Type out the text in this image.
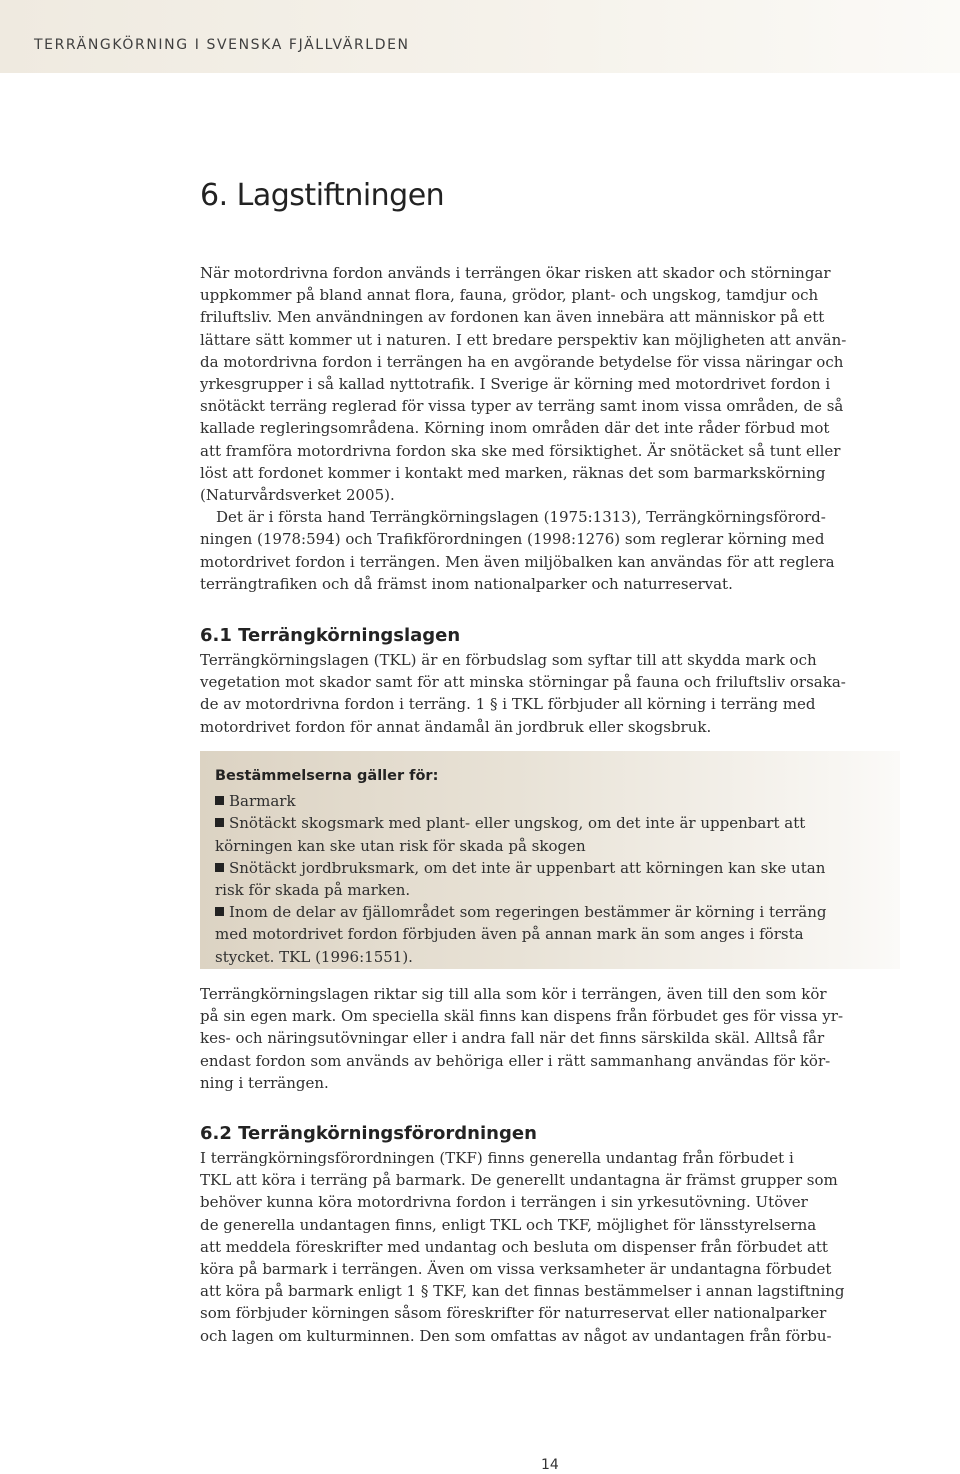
TERRÄNGKÖRNING I SVENSKA FJÄLLVÄRLDEN
6. Lagstiftningen
När motordrivna fordon används i terrängen ökar risken att skador och störningar
uppkommer på bland annat flora, fauna, grödor, plant- och ungskog, tamdjur och
friluftsliv. Men användningen av fordonen kan även innebära att människor på ett
lättare sätt kommer ut i naturen. I ett bredare perspektiv kan möjligheten att använ-
da motordrivna fordon i terrängen ha en avgörande betydelse för vissa näringar och
yrkesgrupper i så kallad nyttotrafik. I Sverige är körning med motordrivet fordon i
snötäckt terräng reglerad för vissa typer av terräng samt inom vissa områden, de så
kallade regleringsområdena. Körning inom områden där det inte råder förbud mot
att framföra motordrivna fordon ska ske med försiktighet. Är snötäcket så tunt eller
löst att fordonet kommer i kontakt med marken, räknas det som barmarkskörning
(Naturvårdsverket 2005).
Det är i första hand Terrängkörningslagen (1975:1313), Terrängkörningsförord-
ningen (1978:594) och Trafikförordningen (1998:1276) som reglerar körning med
motordrivet fordon i terrängen. Men även miljöbalken kan användas för att reglera
terrängtrafiken och då främst inom nationalparker och naturreservat.
6.1 Terrängkörningslagen
Terrängkörningslagen (TKL) är en förbudslag som syftar till att skydda mark och
vegetation mot skador samt för att minska störningar på fauna och friluftsliv orsaka-
de av motordrivna fordon i terräng. 1 § i TKL förbjuder all körning i terräng med
motordrivet fordon för annat ändamål än jordbruk eller skogsbruk.
Bestämmelserna gäller för:
Barmark
Snötäckt skogsmark med plant- eller ungskog, om det inte är uppenbart att
körningen kan ske utan risk för skada på skogen
Snötäckt jordbruksmark, om det inte är uppenbart att körningen kan ske utan
risk för skada på marken.
Inom de delar av fjällområdet som regeringen bestämmer är körning i terräng
med motordrivet fordon förbjuden även på annan mark än som anges i första
stycket. TKL (1996:1551).
Terrängkörningslagen riktar sig till alla som kör i terrängen, även till den som kör
på sin egen mark. Om speciella skäl finns kan dispens från förbudet ges för vissa yr-
kes- och näringsutövningar eller i andra fall när det finns särskilda skäl. Alltså får
endast fordon som används av behöriga eller i rätt sammanhang användas för kör-
ning i terrängen.
6.2 Terrängkörningsförordningen
I terrängkörningsförordningen (TKF) finns generella undantag från förbudet i
TKL att köra i terräng på barmark. De generellt undantagna är främst grupper som
behöver kunna köra motordrivna fordon i terrängen i sin yrkesutövning. Utöver
de generella undantagen finns, enligt TKL och TKF, möjlighet för länsstyrelserna
att meddela föreskrifter med undantag och besluta om dispenser från förbudet att
köra på barmark i terrängen. Även om vissa verksamheter är undantagna förbudet
att köra på barmark enligt 1 § TKF, kan det finnas bestämmelser i annan lagstiftning
som förbjuder körningen såsom föreskrifter för naturreservat eller nationalparker
och lagen om kulturminnen. Den som omfattas av något av undantagen från förbu-
14
